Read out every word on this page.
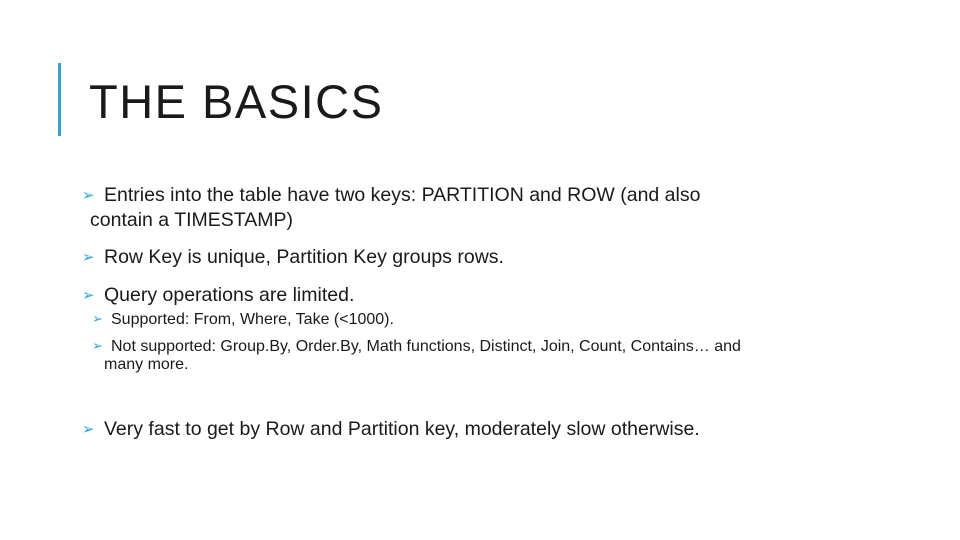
THE BASICS
➢ Entries into the table have two keys: PARTITION and ROW (and also
contain a TIMESTAMP)
➢ Row Key is unique, Partition Key groups rows.
➢ Query operations are limited.
➢ Supported: From, Where, Take (<1000).
➢ Not supported: Group.By, Order.By, Math functions, Distinct, Join, Count, Contains… and
many more.
➢ Very fast to get by Row and Partition key, moderately slow otherwise.
